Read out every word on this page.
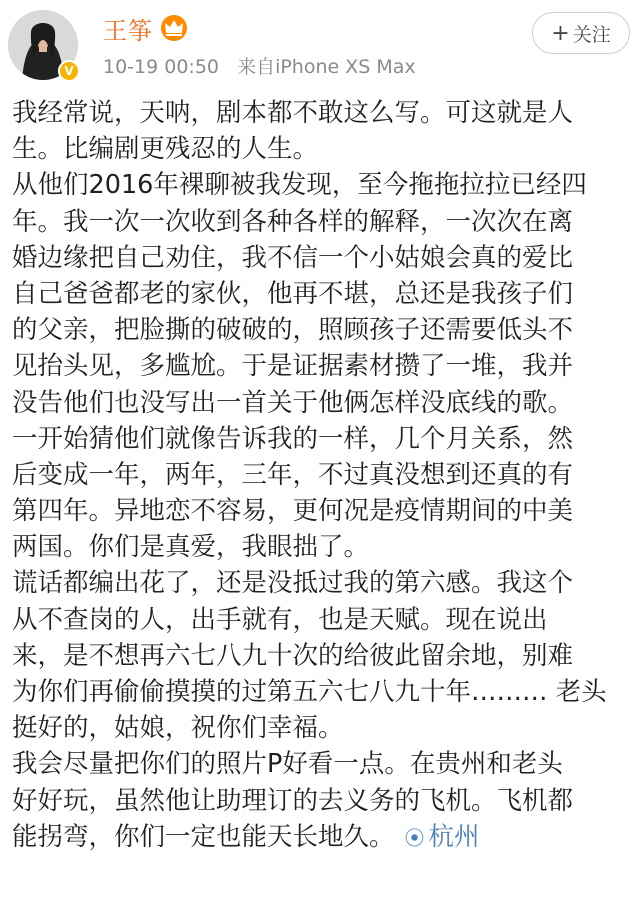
V
王筝
10-19 00:50 来自iPhone XS Max
+ 关注
我经常说，天呐，剧本都不敢这么写。可这就是人
生。比编剧更残忍的人生。
从他们2016年裸聊被我发现，至今拖拖拉拉已经四
年。我一次一次收到各种各样的解释，一次次在离
婚边缘把自己劝住，我不信一个小姑娘会真的爱比
自己爸爸都老的家伙，他再不堪，总还是我孩子们
的父亲，把脸撕的破破的，照顾孩子还需要低头不
见抬头见，多尴尬。于是证据素材攒了一堆，我并
没告他们也没写出一首关于他俩怎样没底线的歌。
一开始猜他们就像告诉我的一样，几个月关系，然
后变成一年，两年，三年，不过真没想到还真的有
第四年。异地恋不容易，更何况是疫情期间的中美
两国。你们是真爱，我眼拙了。
谎话都编出花了，还是没抵过我的第六感。我这个
从不查岗的人，出手就有，也是天赋。现在说出
来，是不想再六七八九十次的给彼此留余地，别难
为你们再偷偷摸摸的过第五六七八九十年……… 老头
挺好的，姑娘，祝你们幸福。
我会尽量把你们的照片P好看一点。在贵州和老头
好好玩，虽然他让助理订的去义务的飞机。飞机都
能拐弯，你们一定也能天长地久。 ⦿ 杭州
